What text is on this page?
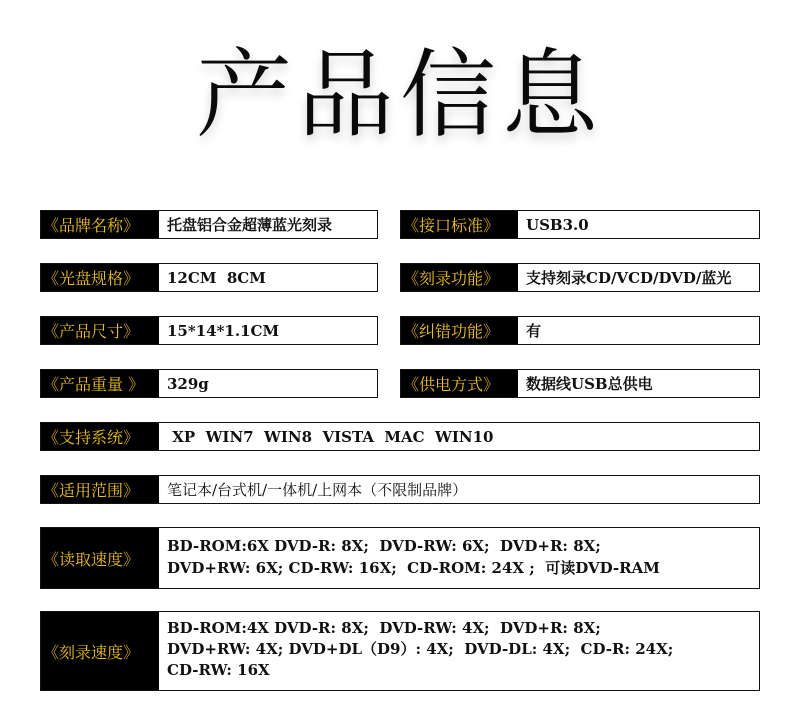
产品信息
《品牌名称》	托盘铝合金超薄蓝光刻录	《接口标准》	USB3.0
《光盘规格》	12CM  8CM	《刻录功能》	支持刻录CD/VCD/DVD/蓝光
《产品尺寸》	15*14*1.1CM	《纠错功能》	有
《产品重量 》	329g	《供电方式》	数据线USB总供电
《支持系统》	XP  WIN7  WIN8  VISTA  MAC  WIN10
《适用范围》	笔记本/台式机/一体机/上网本（不限制品牌）
《读取速度》
BD-ROM:6X DVD-R: 8X;  DVD-RW: 6X;  DVD+R: 8X;
DVD+RW: 6X; CD-RW: 16X;  CD-ROM: 24X ;  可读DVD-RAM
《刻录速度》
BD-ROM:4X DVD-R: 8X;  DVD-RW: 4X;  DVD+R: 8X;
DVD+RW: 4X; DVD+DL（D9）: 4X;  DVD-DL: 4X;  CD-R: 24X;
CD-RW: 16X
